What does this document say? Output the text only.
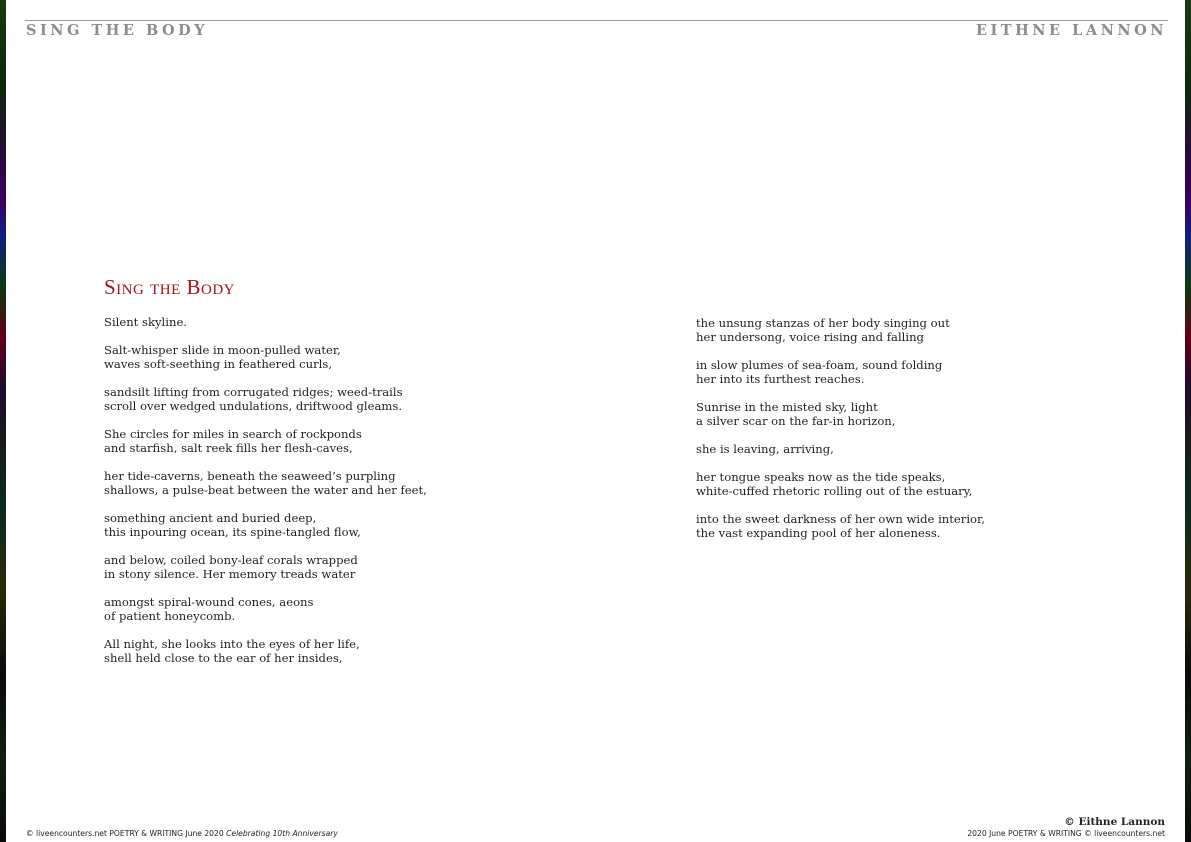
SING THE BODY	EITHNE LANNON
Sing the Body
Silent skyline.
Salt-whisper slide in moon-pulled water,
waves soft-seething in feathered curls,
sandsilt lifting from corrugated ridges; weed-trails
scroll over wedged undulations, driftwood gleams.
She circles for miles in search of rockponds
and starfish, salt reek fills her flesh-caves,
her tide-caverns, beneath the seaweed’s purpling
shallows, a pulse-beat between the water and her feet,
something ancient and buried deep,
this inpouring ocean, its spine-tangled flow,
and below, coiled bony-leaf corals wrapped
in stony silence. Her memory treads water
amongst spiral-wound cones, aeons
of patient honeycomb.
All night, she looks into the eyes of her life,
shell held close to the ear of her insides,
the unsung stanzas of her body singing out
her undersong, voice rising and falling
in slow plumes of sea-foam, sound folding
her into its furthest reaches.
Sunrise in the misted sky, light
a silver scar on the far-in horizon,
she is leaving, arriving,
her tongue speaks now as the tide speaks,
white-cuffed rhetoric rolling out of the estuary,
into the sweet darkness of her own wide interior,
the vast expanding pool of her aloneness.
© liveencounters.net POETRY & WRITING June 2020 Celebrating 10th Anniversary
© Eithne Lannon
2020 June POETRY & WRITING © liveencounters.net
